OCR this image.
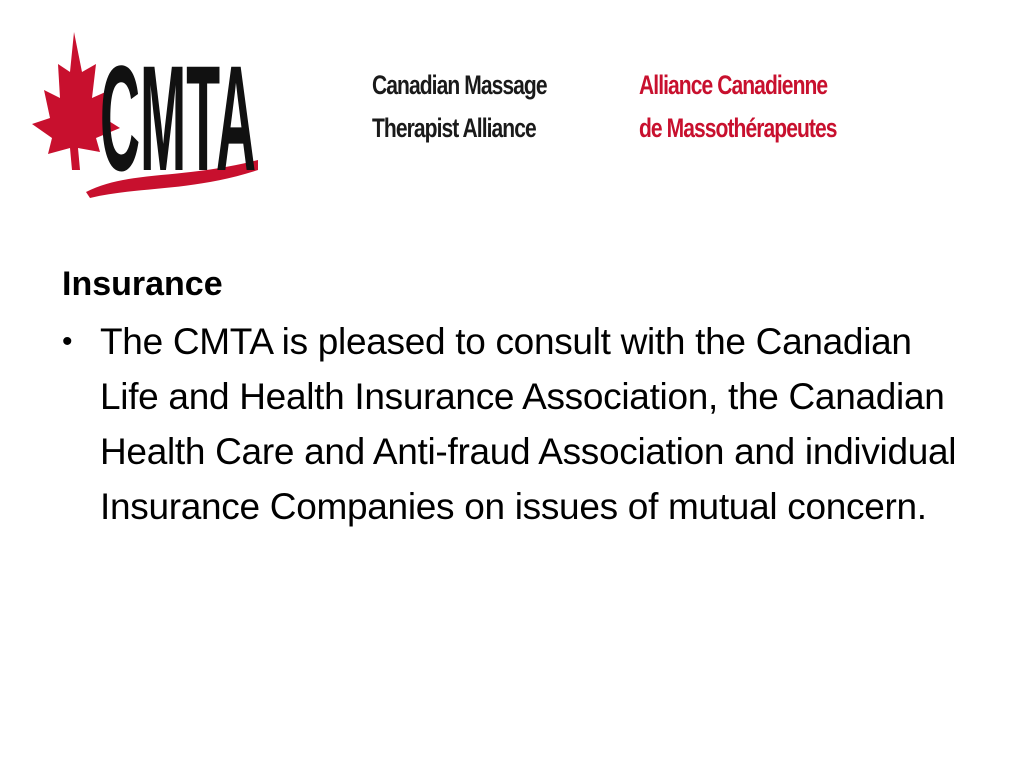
CMTA	Canadian Massage
Therapist Alliance
Alliance Canadienne
de Massothérapeutes
Insurance
• The CMTA is pleased to consult with the Canadian Life and Health Insurance Association, the Canadian Health Care and Anti-fraud Association and individual Insurance Companies on issues of mutual concern.
